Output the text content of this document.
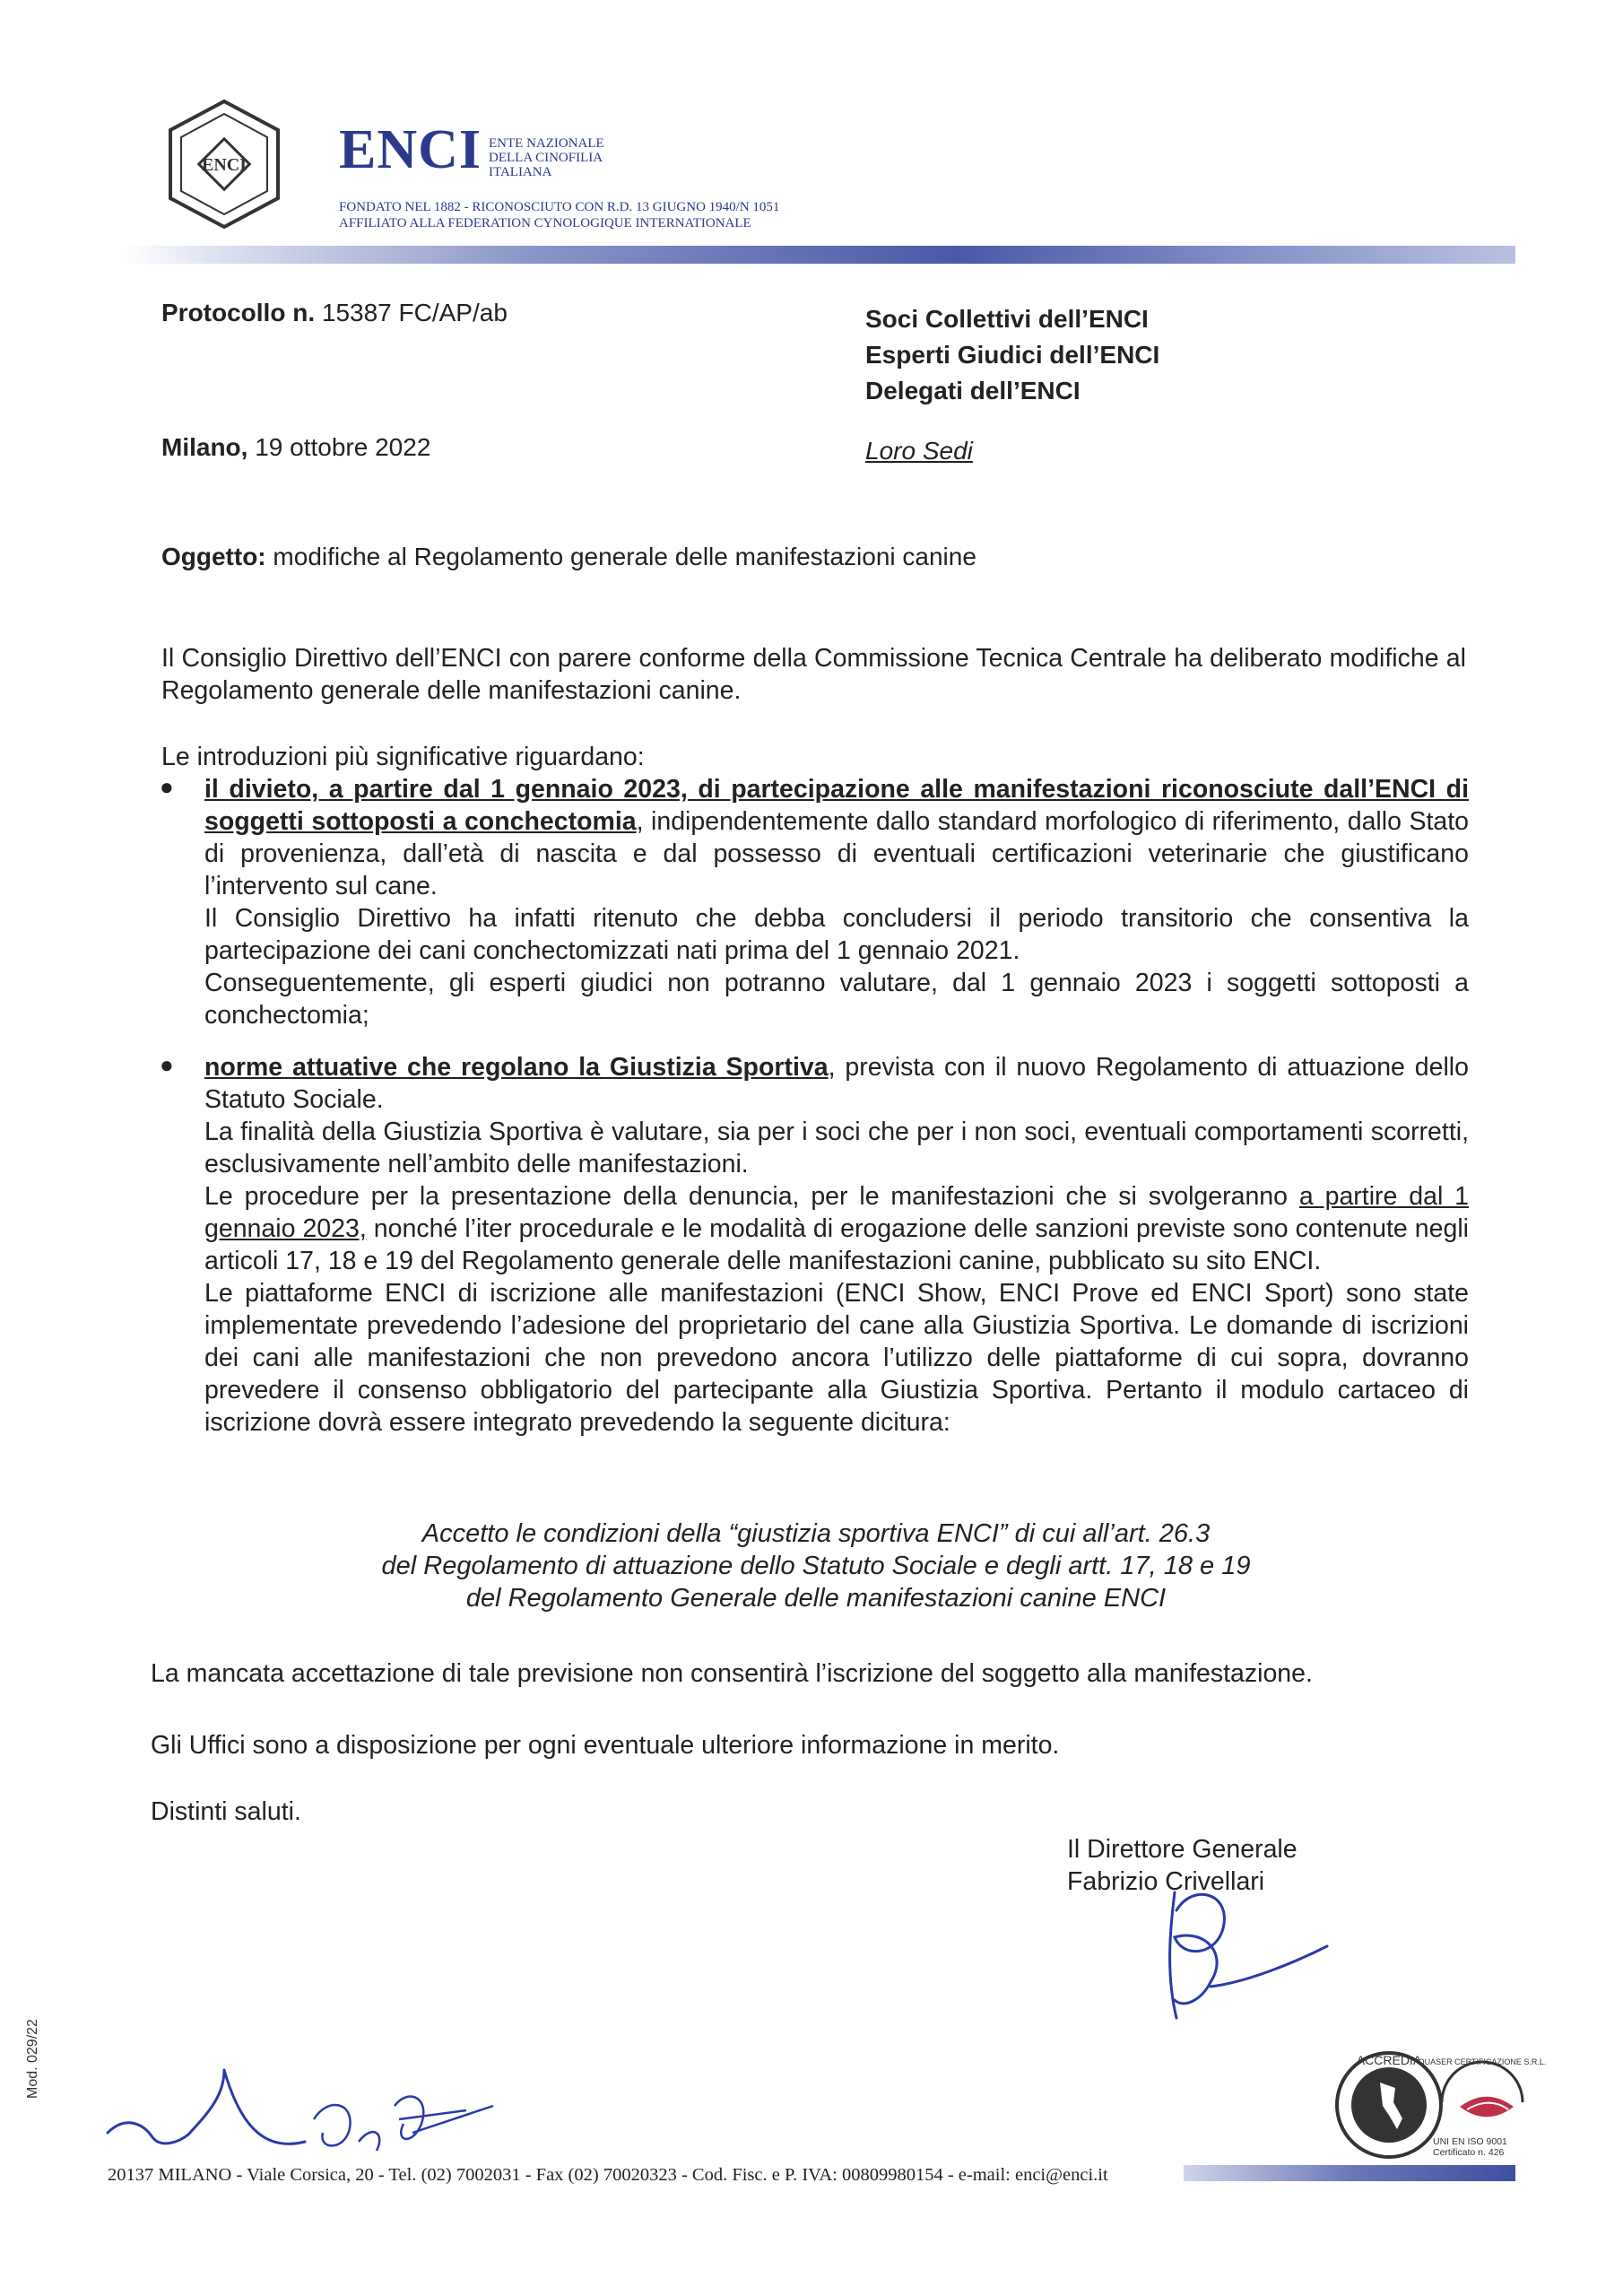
ENCI ENCI ENTE NAZIONALE
DELLA CINOFILIA
ITALIANA
FONDATO NEL 1882 - RICONOSCIUTO CON R.D. 13 GIUGNO 1940/N 1051
AFFILIATO ALLA FEDERATION CYNOLOGIQUE INTERNATIONALE
Protocollo n. 15387 FC/AP/ab	Soci Collettivi dell’ENCI
Esperti Giudici dell’ENCI
Delegati dell’ENCI
Milano, 19 ottobre 2022	Loro Sedi
Oggetto: modifiche al Regolamento generale delle manifestazioni canine
Il Consiglio Direttivo dell’ENCI con parere conforme della Commissione Tecnica Centrale ha deliberato modifiche al Regolamento generale delle manifestazioni canine.
Le introduzioni più significative riguardano:
● il divieto, a partire dal 1 gennaio 2023, di partecipazione alle manifestazioni riconosciute dall’ENCI di soggetti sottoposti a conchectomia, indipendentemente dallo standard morfologico di riferimento, dallo Stato di provenienza, dall’età di nascita e dal possesso di eventuali certificazioni veterinarie che giustificano l’intervento sul cane.
Il Consiglio Direttivo ha infatti ritenuto che debba concludersi il periodo transitorio che consentiva la partecipazione dei cani conchectomizzati nati prima del 1 gennaio 2021.
Conseguentemente, gli esperti giudici non potranno valutare, dal 1 gennaio 2023 i soggetti sottoposti a conchectomia;
● norme attuative che regolano la Giustizia Sportiva, prevista con il nuovo Regolamento di attuazione dello Statuto Sociale.
La finalità della Giustizia Sportiva è valutare, sia per i soci che per i non soci, eventuali comportamenti scorretti, esclusivamente nell’ambito delle manifestazioni.
Le procedure per la presentazione della denuncia, per le manifestazioni che si svolgeranno a partire dal 1 gennaio 2023, nonché l’iter procedurale e le modalità di erogazione delle sanzioni previste sono contenute negli articoli 17, 18 e 19 del Regolamento generale delle manifestazioni canine, pubblicato su sito ENCI.
Le piattaforme ENCI di iscrizione alle manifestazioni (ENCI Show, ENCI Prove ed ENCI Sport) sono state implementate prevedendo l’adesione del proprietario del cane alla Giustizia Sportiva. Le domande di iscrizioni dei cani alle manifestazioni che non prevedono ancora l’utilizzo delle piattaforme di cui sopra, dovranno prevedere il consenso obbligatorio del partecipante alla Giustizia Sportiva. Pertanto il modulo cartaceo di iscrizione dovrà essere integrato prevedendo la seguente dicitura:
Accetto le condizioni della “giustizia sportiva ENCI” di cui all’art. 26.3
del Regolamento di attuazione dello Statuto Sociale e degli artt. 17, 18 e 19
del Regolamento Generale delle manifestazioni canine ENCI
La mancata accettazione di tale previsione non consentirà l’iscrizione del soggetto alla manifestazione.
Gli Uffici sono a disposizione per ogni eventuale ulteriore informazione in merito.
Distinti saluti.
Il Direttore Generale
Fabrizio Crivellari
ACCREDIA
QUASER CERTIFICAZIONE S.R.L.
UNI EN ISO 9001
Certificato n. 426
20137 MILANO - Viale Corsica, 20 - Tel. (02) 7002031 - Fax (02) 70020323 - Cod. Fisc. e P. IVA: 00809980154 - e-mail: enci@enci.it
Mod. 029/22
